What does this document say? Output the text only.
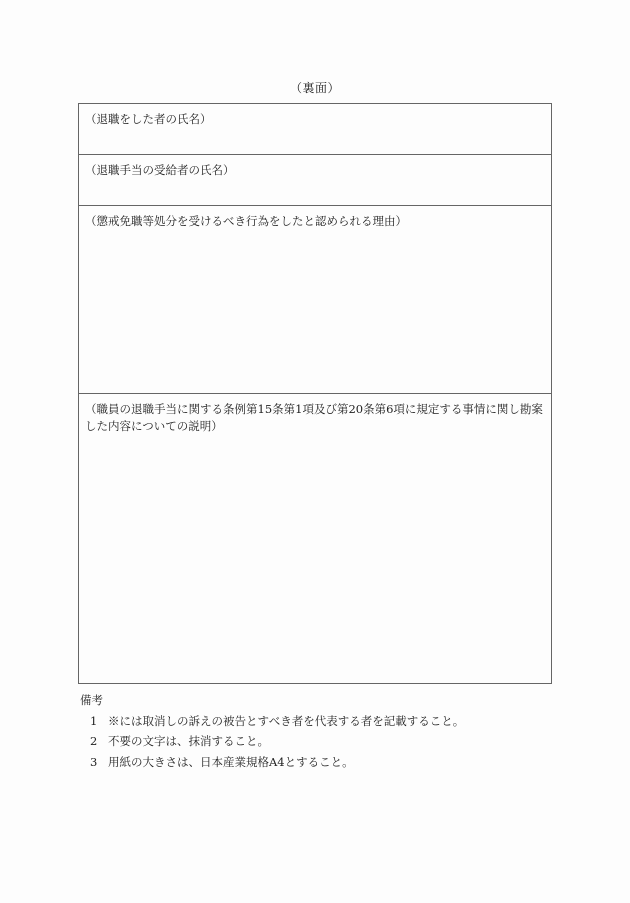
（裏面）
（退職をした者の氏名）
（退職手当の受給者の氏名）
（懲戒免職等処分を受けるべき行為をしたと認められる理由）
（職員の退職手当に関する条例第15条第1項及び第20条第6項に規定する事情に関し勘案した内容についての説明）
備考
1 ※には取消しの訴えの被告とすべき者を代表する者を記載すること。
2 不要の文字は、抹消すること。
3 用紙の大きさは、日本産業規格A4とすること。
